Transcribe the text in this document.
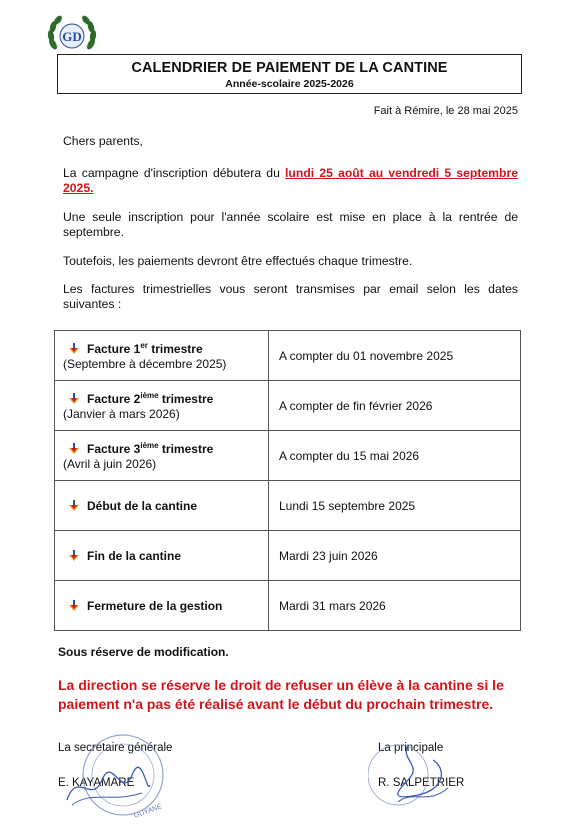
GD
CALENDRIER DE PAIEMENT DE LA CANTINE
Année-scolaire 2025-2026
Fait à Rémire, le 28 mai 2025
Chers parents,
La campagne d'inscription débutera du lundi 25 août au vendredi 5 septembre 2025.
Une seule inscription pour l'année scolaire est mise en place à la rentrée de septembre.
Toutefois, les paiements devront être effectués chaque trimestre.
Les factures trimestrielles vous seront transmises par email selon les dates suivantes :
Facture 1er trimestre
(Septembre à décembre 2025)	A compter du 01 novembre 2025

Facture 2ième trimestre
(Janvier à mars 2026)	A compter de fin février 2026

Facture 3ième trimestre
(Avril à juin 2026)	A compter du 15 mai 2026

Début de la cantine	Lundi 15 septembre 2025

Fin de la cantine	Mardi 23 juin 2026

Fermeture de la gestion	Mardi 31 mars 2026
Sous réserve de modification.
La direction se réserve le droit de refuser un élève à la cantine si le paiement n'a pas été réalisé avant le début du prochain trimestre.
La secrétaire générale
E. KAYAMARE
La principale
R. SALPETRIER
GUYANE
